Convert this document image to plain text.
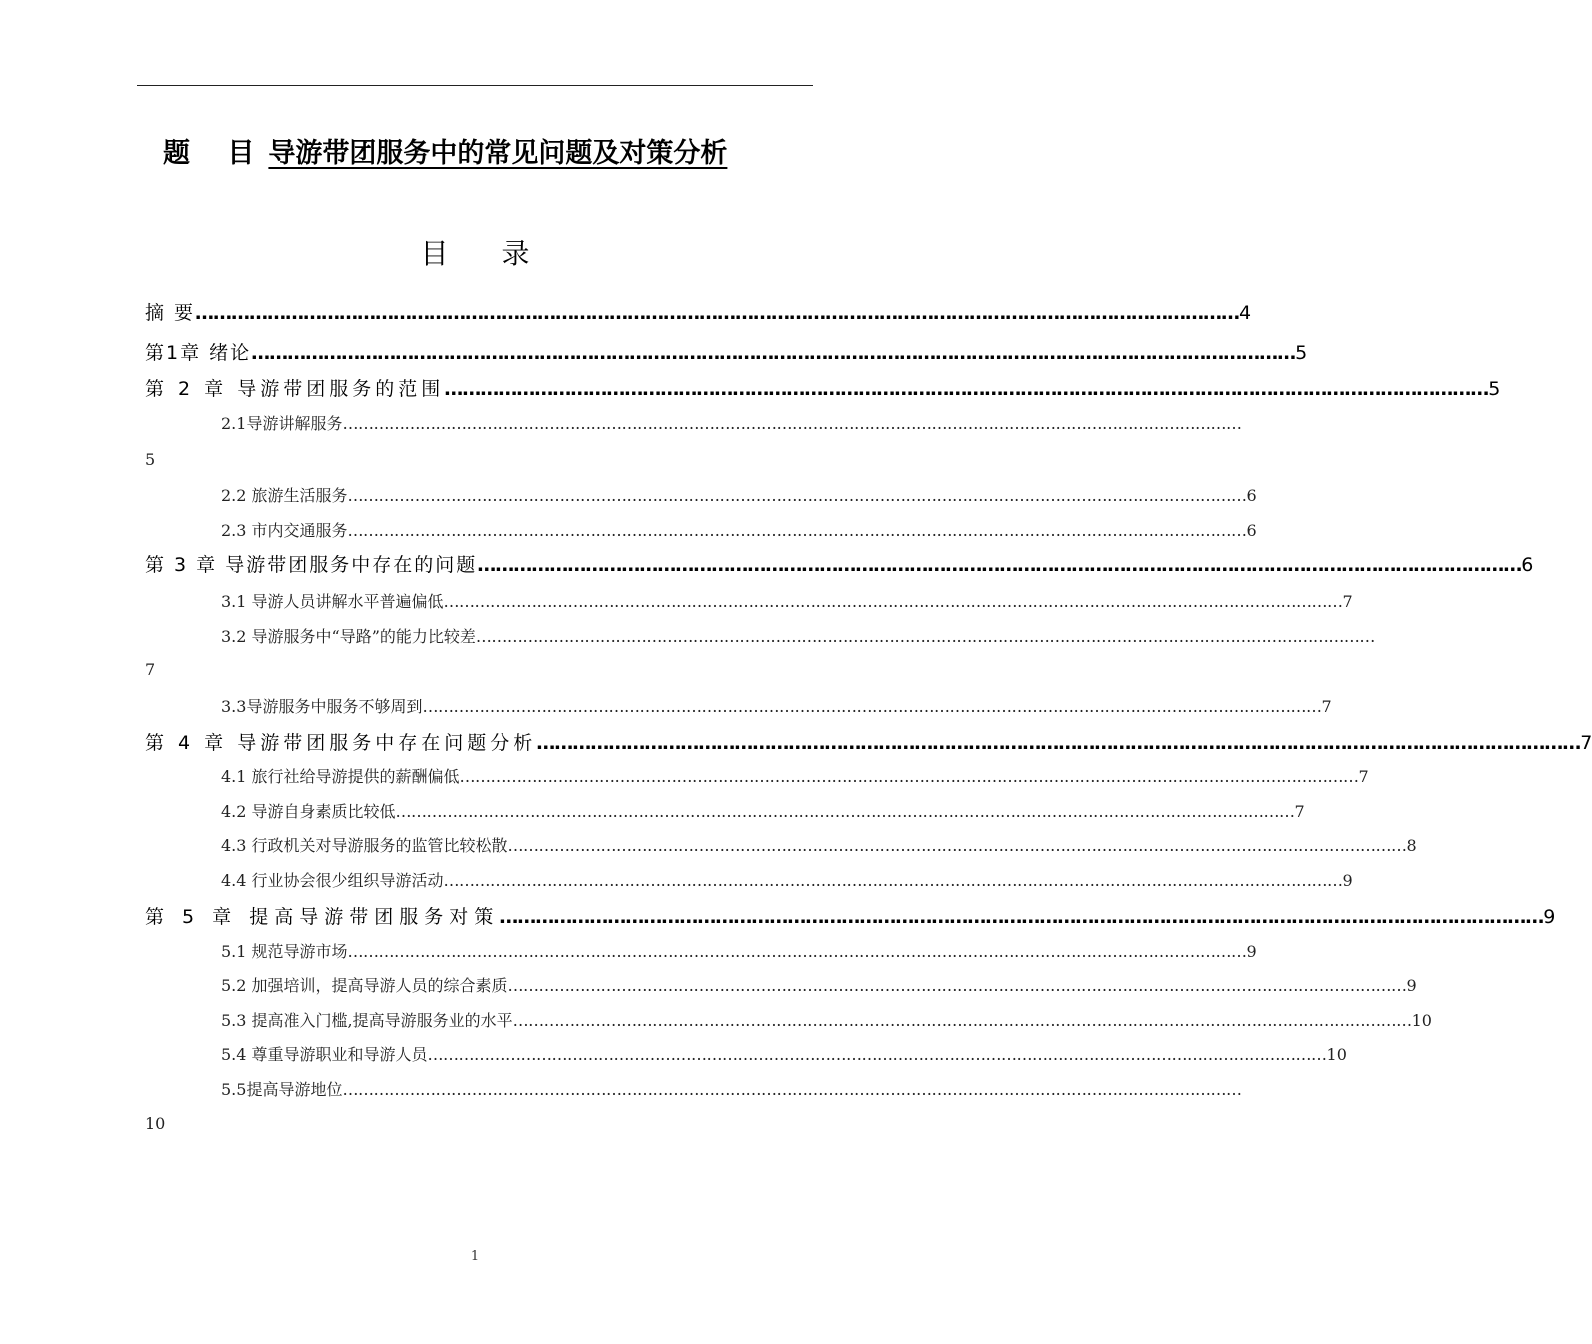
题 目导游带团服务中的常见问题及对策分析
目 录
摘 要 ………………………………………………………………………………………………………………………………………………………… 4
第1章 绪论 ………………………………………………………………………………………………………………………………………………………… 5
第 2 章 导游带团服务的范围 ………………………………………………………………………………………………………………………………………………………… 5
2.1导游讲解服务 …………………………………………………………………………………………………………………………………………………………
5
2.2 旅游生活服务 ………………………………………………………………………………………………………………………………………………………… 6
2.3 市内交通服务 ………………………………………………………………………………………………………………………………………………………… 6
第 3 章 导游带团服务中存在的问题 ………………………………………………………………………………………………………………………………………………………… 6
3.1 导游人员讲解水平普遍偏低 ………………………………………………………………………………………………………………………………………………………… 7
3.2 导游服务中“导路”的能力比较差 …………………………………………………………………………………………………………………………………………………………
7
3.3导游服务中服务不够周到 ………………………………………………………………………………………………………………………………………………………… 7
第 4 章 导游带团服务中存在问题分析 ………………………………………………………………………………………………………………………………………………………… 7
4.1 旅行社给导游提供的薪酬偏低 ………………………………………………………………………………………………………………………………………………………… 7
4.2 导游自身素质比较低 ………………………………………………………………………………………………………………………………………………………… 7
4.3 行政机关对导游服务的监管比较松散 ………………………………………………………………………………………………………………………………………………………… 8
4.4 行业协会很少组织导游活动 ………………………………………………………………………………………………………………………………………………………… 9
第 5 章 提高导游带团服务对策 ………………………………………………………………………………………………………………………………………………………… 9
5.1 规范导游市场 ………………………………………………………………………………………………………………………………………………………… 9
5.2 加强培训，提高导游人员的综合素质 ………………………………………………………………………………………………………………………………………………………… 9
5.3 提高准入门槛,提高导游服务业的水平 ………………………………………………………………………………………………………………………………………………………… 10
5.4 尊重导游职业和导游人员 ………………………………………………………………………………………………………………………………………………………… 10
5.5提高导游地位 …………………………………………………………………………………………………………………………………………………………
10
1
